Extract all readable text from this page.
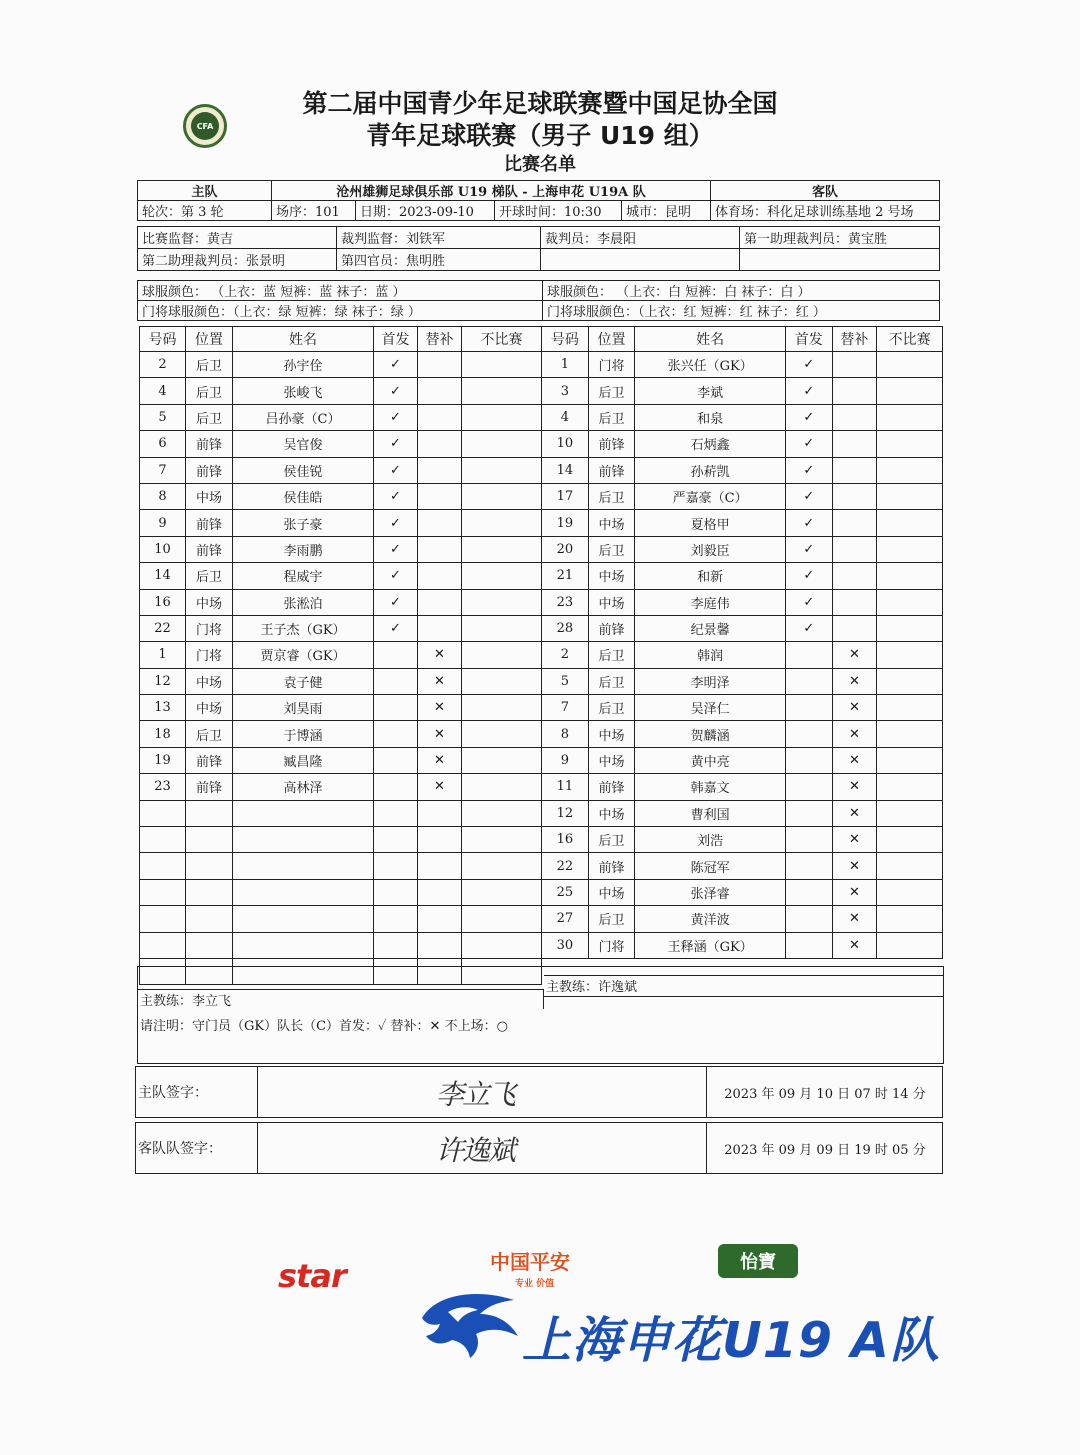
CFA
第二届中国青少年足球联赛暨中国足协全国
青年足球联赛（男子 U19 组）
比赛名单
主队	沧州雄狮足球俱乐部 U19 梯队 - 上海申花 U19A 队				客队
轮次：第 3 轮	场序：101	日期：2023-09-10	开球时间：10:30	城市：昆明	体育场：科化足球训练基地 2 号场
比赛监督：黄吉	裁判监督：刘铁军	裁判员：李晨阳	第一助理裁判员：黄宝胜
第二助理裁判员：张景明	第四官员：焦明胜		
球服颜色： （上衣：蓝 短裤：蓝 袜子：蓝 ）	球服颜色： （上衣：白 短裤：白 袜子：白 ）
门将球服颜色：（上衣：绿 短裤：绿 袜子：绿 ）	门将球服颜色：（上衣：红 短裤：红 袜子：红 ）
号码	位置	姓名	首发	替补	不比赛
2	后卫	孙宇佺	✓		
4	后卫	张峻飞	✓		
5	后卫	吕孙豪（C）	✓		
6	前锋	吴官俊	✓		
7	前锋	侯佳锐	✓		
8	中场	侯佳皓	✓		
9	前锋	张子豪	✓		
10	前锋	李雨鹏	✓		
14	后卫	程威宇	✓		
16	中场	张淞泊	✓		
22	门将	王子杰（GK）	✓		
1	门将	贾京睿（GK）		✕	
12	中场	袁子健		✕	
13	中场	刘昊雨		✕	
18	后卫	于博涵		✕	
19	前锋	臧昌隆		✕	
23	前锋	高林泽		✕	

号码	位置	姓名	首发	替补	不比赛
1	门将	张兴任（GK）	✓		
3	后卫	李斌	✓		
4	后卫	和泉	✓		
10	前锋	石炳鑫	✓		
14	前锋	孙菥凯	✓		
17	后卫	严嘉豪（C）	✓		
19	中场	夏格甲	✓		
20	后卫	刘毅臣	✓		
21	中场	和新	✓		
23	中场	李庭伟	✓		
28	前锋	纪景馨	✓		
2	后卫	韩润		✕	
5	后卫	李明泽		✕	
7	后卫	吴泽仁		✕	
8	中场	贺麟涵		✕	
9	中场	黄中亮		✕	
11	前锋	韩嘉文		✕	
12	中场	曹利国		✕	
16	后卫	刘浩		✕	
22	前锋	陈冠军		✕	
25	中场	张泽睿		✕	
27	后卫	黄洋波		✕	
30	门将	王释涵（GK）		✕	
主教练：许逸斌
主教练：李立飞
请注明：守门员（GK）队长（C）首发：✓ 替补：✕ 不上场：○
主队签字：	李立飞	2023 年 09 月 10 日 07 时 14 分
客队队签字：	许逸斌	2023 年 09 月 09 日 19 时 05 分
star	中国平安
专业 价值
怡寶
上海申花U19 A队
